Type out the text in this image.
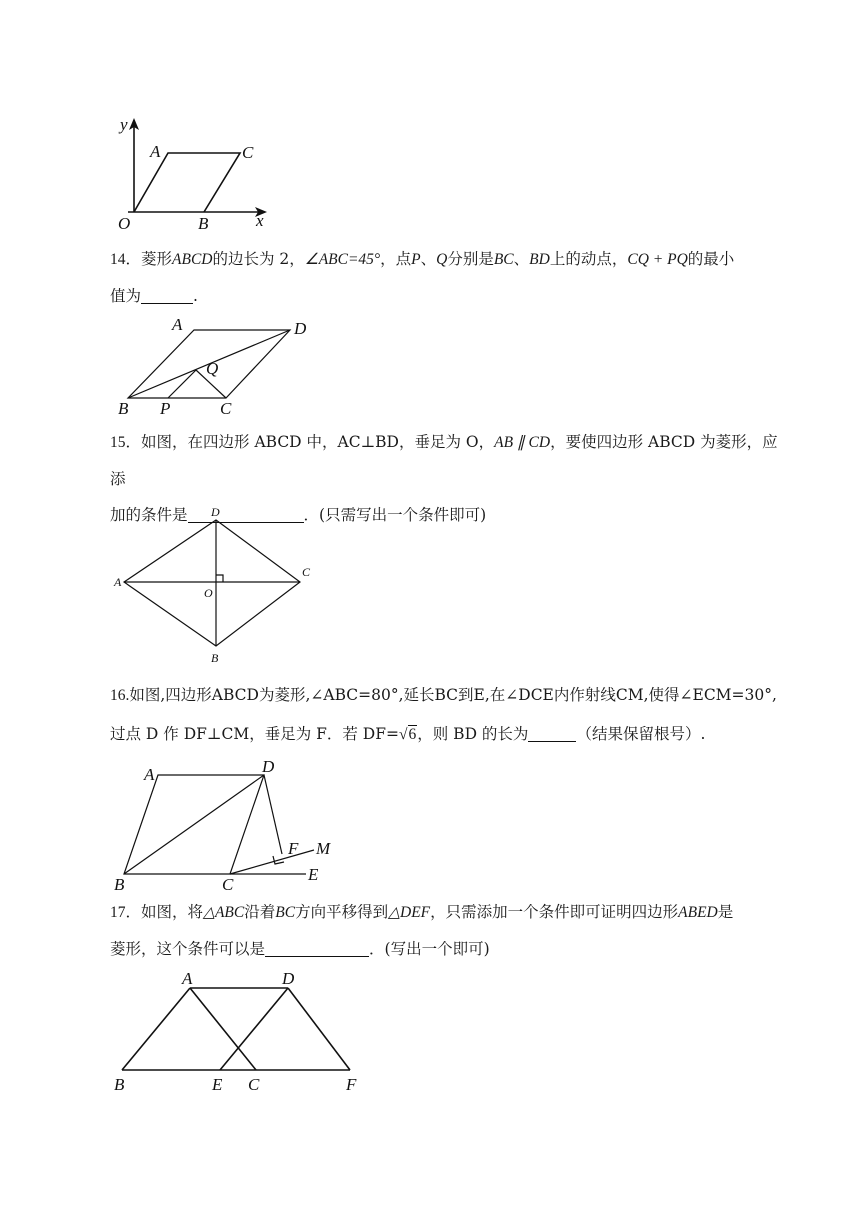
y
A	C
O	B	x
14．菱形ABCD的边长为 2，∠ABC=45°，点P、Q分别是BC、BD上的动点，CQ + PQ的最小
值为	.
A	D
Q
B P	C
15．如图，在四边形 ABCD 中，AC⊥BD，垂足为 O，AB ∥ CD，要使四边形 ABCD 为菱形，应添
加的条件是	．(只需写出一个条件即可)
D
A
O
C
B
16.如图,四边形ABCD为菱形,∠ABC=80°,延长BC到E,在∠DCE内作射线CM,使得∠ECM=30°,
过点 D 作 DF⊥CM，垂足为 F．若 DF=√6，则 BD 的长为	（结果保留根号）.
A	D
F M
B	C
E
17．如图，将△ABC沿着BC方向平移得到△DEF，只需添加一个条件即可证明四边形ABED是
菱形，这个条件可以是	．(写出一个即可)
A	D
B	E C	F
